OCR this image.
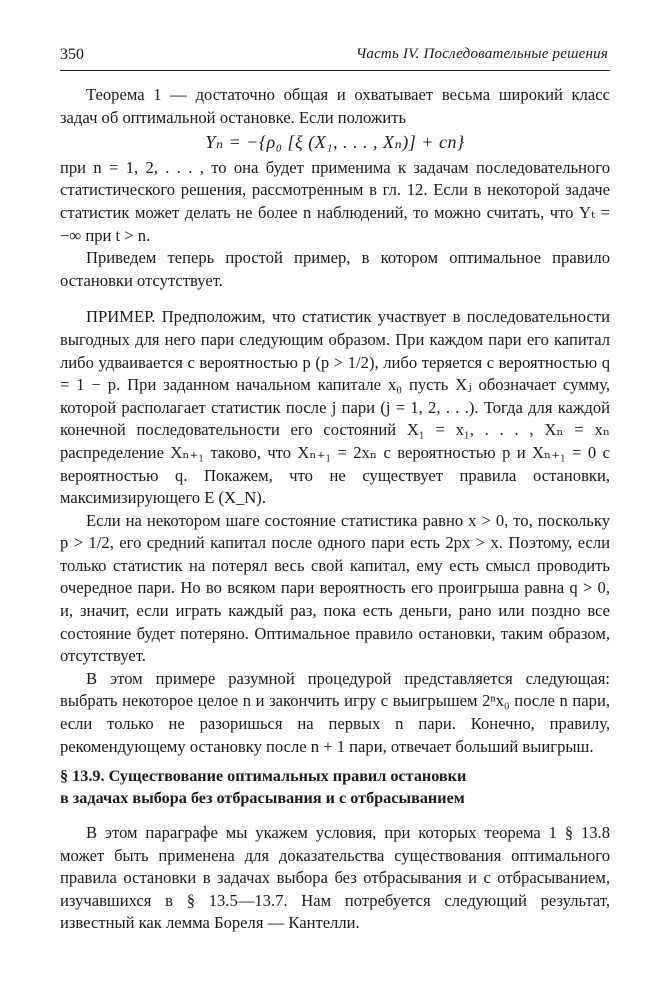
350	Часть IV. Последовательные решения

Теорема 1 — достаточно общая и охватывает весьма широкий класс задач об оптимальной остановке. Если положить

Yₙ = −{ρ₀ [ξ (X₁, . . . , Xₙ)] + cn}

при n = 1, 2, . . . , то она будет применима к задачам последовательного статистического решения, рассмотренным в гл. 12. Если в некоторой задаче статистик может делать не более n наблюдений, то можно считать, что Yₜ = −∞ при t > n.

Приведем теперь простой пример, в котором оптимальное правило остановки отсутствует.

ПРИМЕР. Предположим, что статистик участвует в последовательности выгодных для него пари следующим образом. При каждом пари его капитал либо удваивается с вероятностью p (p > 1/2), либо теряется с вероятностью q = 1 − p. При заданном начальном капитале x₀ пусть Xⱼ обозначает сумму, которой располагает статистик после j пари (j = 1, 2, . . .). Тогда для каждой конечной последовательности его состояний X₁ = x₁, . . . , Xₙ = xₙ распределение Xₙ₊₁ таково, что Xₙ₊₁ = 2xₙ с вероятностью p и Xₙ₊₁ = 0 с вероятностью q. Покажем, что не существует правила остановки, максимизирующего E (X_N).

Если на некотором шаге состояние статистика равно x > 0, то, поскольку p > 1/2, его средний капитал после одного пари есть 2px > x. Поэтому, если только статистик на потерял весь свой капитал, ему есть смысл проводить очередное пари. Но во всяком пари вероятность его проигрыша равна q > 0, и, значит, если играть каждый раз, пока есть деньги, рано или поздно все состояние будет потеряно. Оптимальное правило остановки, таким образом, отсутствует.

В этом примере разумной процедурой представляется следующая: выбрать некоторое целое n и закончить игру с выигрышем 2ⁿx₀ после n пари, если только не разоришься на первых n пари. Конечно, правилу, рекомендующему остановку после n + 1 пари, отвечает больший выигрыш.

§ 13.9. Существование оптимальных правил остановки
в задачах выбора без отбрасывания и с отбрасыванием

В этом параграфе мы укажем условия, при которых теорема 1 § 13.8 может быть применена для доказательства существования оптимального правила остановки в задачах выбора без отбрасывания и с отбрасыванием, изучавшихся в § 13.5—13.7. Нам потребуется следующий результат, известный как лемма Бореля — Кантелли.
